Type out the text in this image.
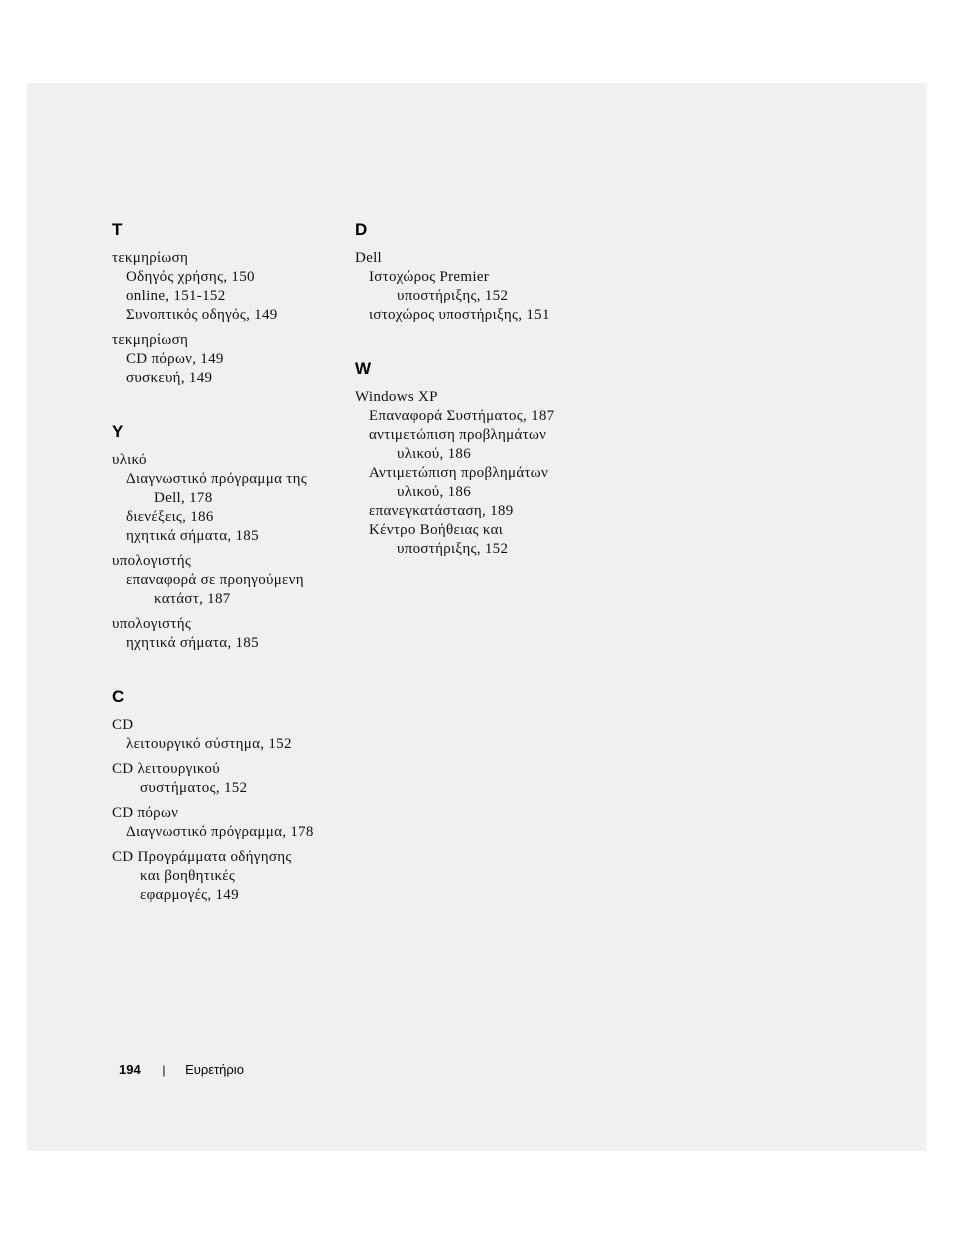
T
τεκμηρίωση
Οδηγός χρήσης, 150
online, 151-152
Συνοπτικός οδηγός, 149
τεκμηρίωση
CD πόρων, 149
συσκευή, 149
Y
υλικό
Διαγνωστικό πρόγραμμα της
Dell, 178
διενέξεις, 186
ηχητικά σήματα, 185
υπολογιστής
επαναφορά σε προηγούμενη
κατάστ, 187
υπολογιστής
ηχητικά σήματα, 185
C
CD
λειτουργικό σύστημα, 152
CD λειτουργικού
συστήματος, 152
CD πόρων
Διαγνωστικό πρόγραμμα, 178
CD Προγράμματα οδήγησης
και βοηθητικές
εφαρμογές, 149
D
Dell
Ιστοχώρος Premier
υποστήριξης, 152
ιστοχώρος υποστήριξης, 151
W
Windows XP
Επαναφορά Συστήματος, 187
αντιμετώπιση προβλημάτων
υλικού, 186
Αντιμετώπιση προβλημάτων
υλικού, 186
επανεγκατάσταση, 189
Κέντρο Βοήθειας και
υποστήριξης, 152
194 | Ευρετήριο
